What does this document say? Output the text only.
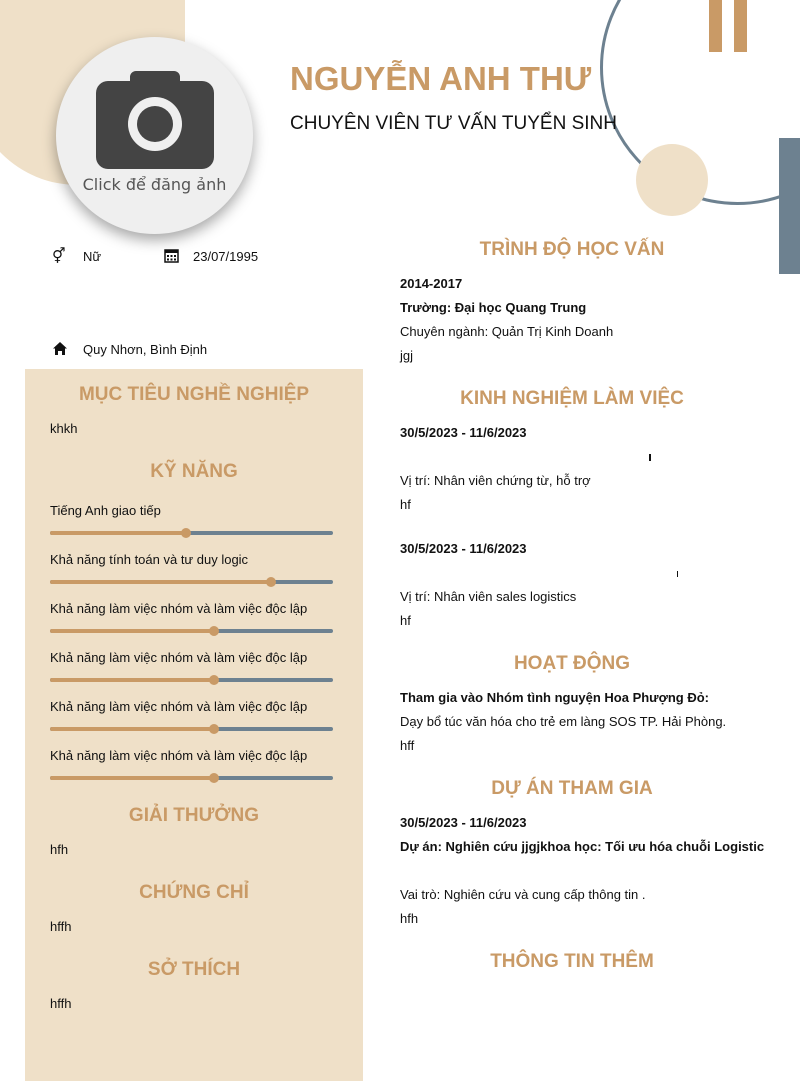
Click để đăng ảnh
NGUYỄN ANH THƯ
CHUYÊN VIÊN TƯ VẤN TUYỂN SINH
⚥ Nữ	23/07/1995
Quy Nhơn, Bình Định
MỤC TIÊU NGHỀ NGHIỆP
khkh
KỸ NĂNG
Tiếng Anh giao tiếp
Khả năng tính toán và tư duy logic
Khả năng làm việc nhóm và làm việc độc lập
Khả năng làm việc nhóm và làm việc độc lập
Khả năng làm việc nhóm và làm việc độc lập
Khả năng làm việc nhóm và làm việc độc lập
GIẢI THƯỞNG
hfh
CHỨNG CHỈ
hffh
SỞ THÍCH
hffh
TRÌNH ĐỘ HỌC VẤN
2014-2017
Trường: Đại học Quang Trung
Chuyên ngành: Quản Trị Kinh Doanh
jgj
KINH NGHIỆM LÀM VIỆC
30/5/2023 - 11/6/2023
Vị trí: Nhân viên chứng từ, hỗ trợ
hf
30/5/2023 - 11/6/2023
Vị trí: Nhân viên sales logistics
hf
HOẠT ĐỘNG
Tham gia vào Nhóm tình nguyện Hoa Phượng Đỏ:
Dạy bổ túc văn hóa cho trẻ em làng SOS TP. Hải Phòng.
hff
DỰ ÁN THAM GIA
30/5/2023 - 11/6/2023
Dự án: Nghiên cứu jjgjkhoa học: Tối ưu hóa chuỗi Logistic
Vai trò: Nghiên cứu và cung cấp thông tin .
hfh
THÔNG TIN THÊM
